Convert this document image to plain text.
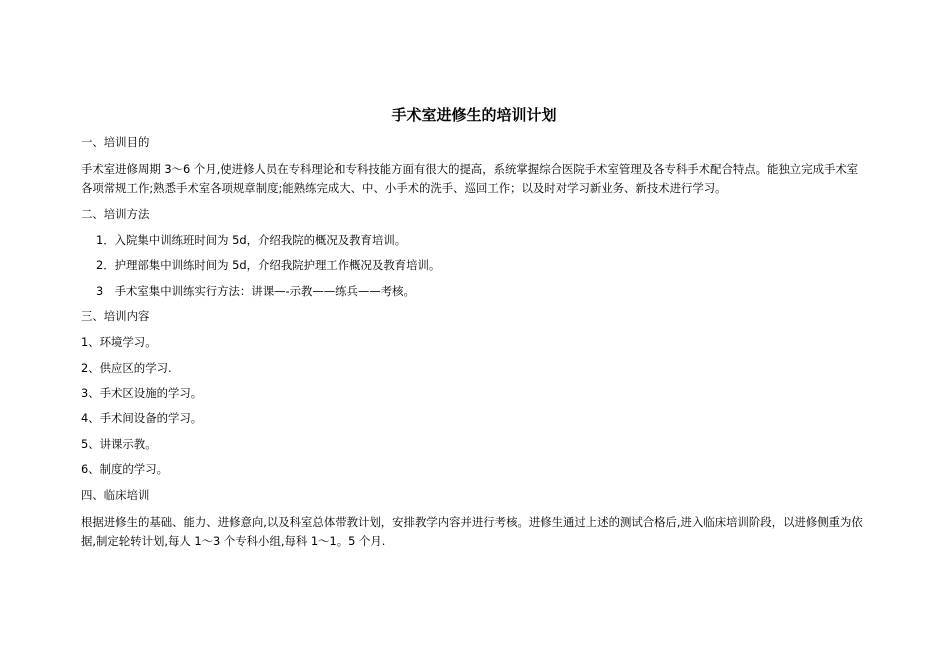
手术室进修生的培训计划
一、培训目的
手术室进修周期 3～6 个月,使进修人员在专科理论和专科技能方面有很大的提高，系统掌握综合医院手术室管理及各专科手术配合特点。能独立完成手术室各项常规工作;熟悉手术室各项规章制度;能熟练完成大、中、小手术的洗手、巡回工作；以及时对学习新业务、新技术进行学习。
二、培训方法
1．入院集中训练班时间为 5d，介绍我院的概况及教育培训。
2．护理部集中训练时间为 5d，介绍我院护理工作概况及教育培训。
3　手术室集中训练实行方法：讲课—-示教——练兵——考核。
三、培训内容
1、环境学习。
2、供应区的学习.
3、手术区设施的学习。
4、手术间设备的学习。
5、讲课示教。
6、制度的学习。
四、临床培训
根据进修生的基础、能力、进修意向,以及科室总体带教计划，安排教学内容并进行考核。进修生通过上述的测试合格后,进入临床培训阶段，以进修侧重为依据,制定轮转计划,每人 1～3 个专科小组,每科 1～1。5 个月.
